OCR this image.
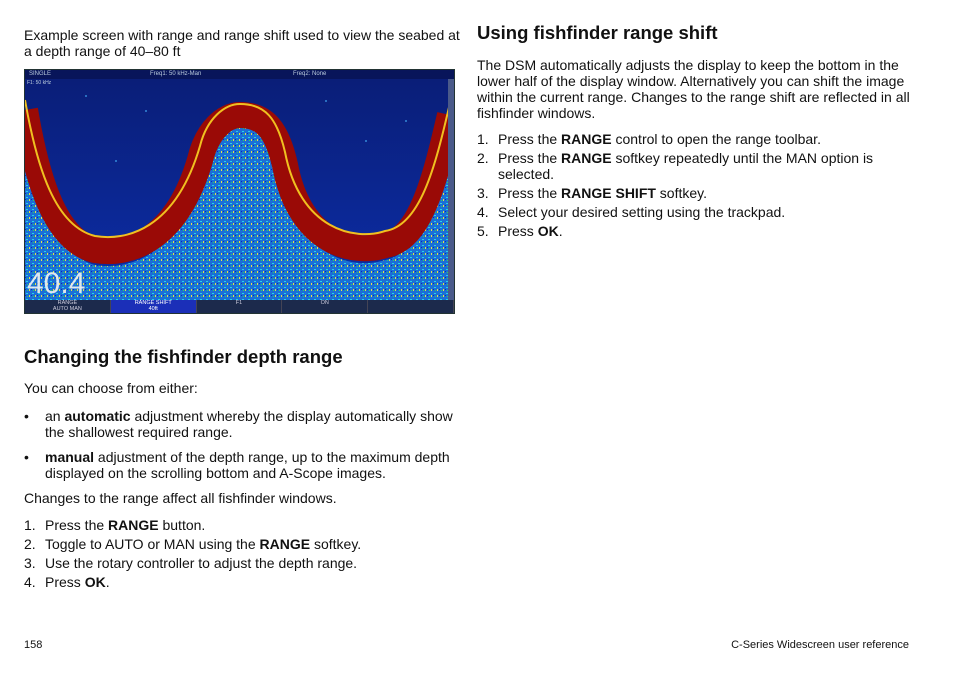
Example screen with range and range shift used to view the seabed at a depth range of 40–80 ft

SINGLE	Freq1: 50 kHz-Man	Freq2: None
F1: 50 kHz
40.4
RANGE
AUTO MAN
RANGE SHIFT
40ft
F1	ON
Changing the fishfinder depth range

You can choose from either:

• an automatic adjustment whereby the display automatically show the shallowest required range.

• manual adjustment of the depth range, up to the maximum depth displayed on the scrolling bottom and A-Scope images.

Changes to the range affect all fishfinder windows.

1. Press the RANGE button.

2. Toggle to AUTO or MAN using the RANGE softkey.

3. Use the rotary controller to adjust the depth range.

4. Press OK.

Using fishfinder range shift

The DSM automatically adjusts the display to keep the bottom in the lower half of the display window. Alternatively you can shift the image within the current range. Changes to the range shift are reflected in all fishfinder windows.

1. Press the RANGE control to open the range toolbar.

2. Press the RANGE softkey repeatedly until the MAN option is selected.

3. Press the RANGE SHIFT softkey.

4. Select your desired setting using the trackpad.

5. Press OK.

158	C-Series Widescreen user reference
